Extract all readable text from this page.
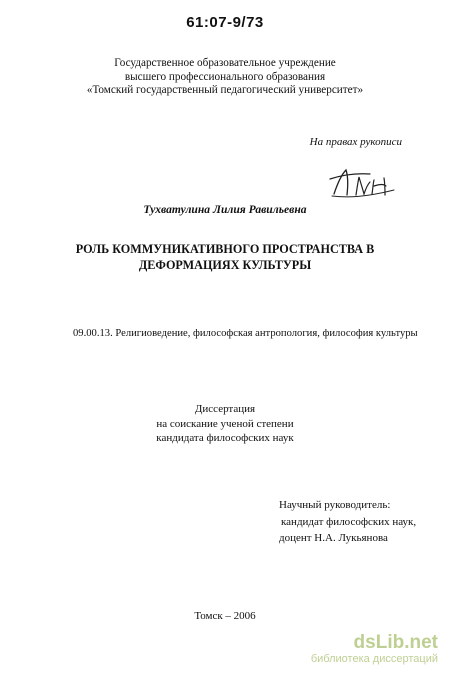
61:07-9/73
Государственное образовательное учреждение
высшего профессионального образования
«Томский государственный педагогический университет»
На правах рукописи
Тухватулина Лилия Равильевна
РОЛЬ КОММУНИКАТИВНОГО ПРОСТРАНСТВА В
ДЕФОРМАЦИЯХ КУЛЬТУРЫ
09.00.13. Религиоведение, философская антропология, философия культуры
Диссертация
на соискание ученой степени
кандидата философских наук
Научный руководитель:
кандидат философских наук,
доцент Н.А. Лукьянова
Томск – 2006
dsLib.net
библиотека диссертаций
